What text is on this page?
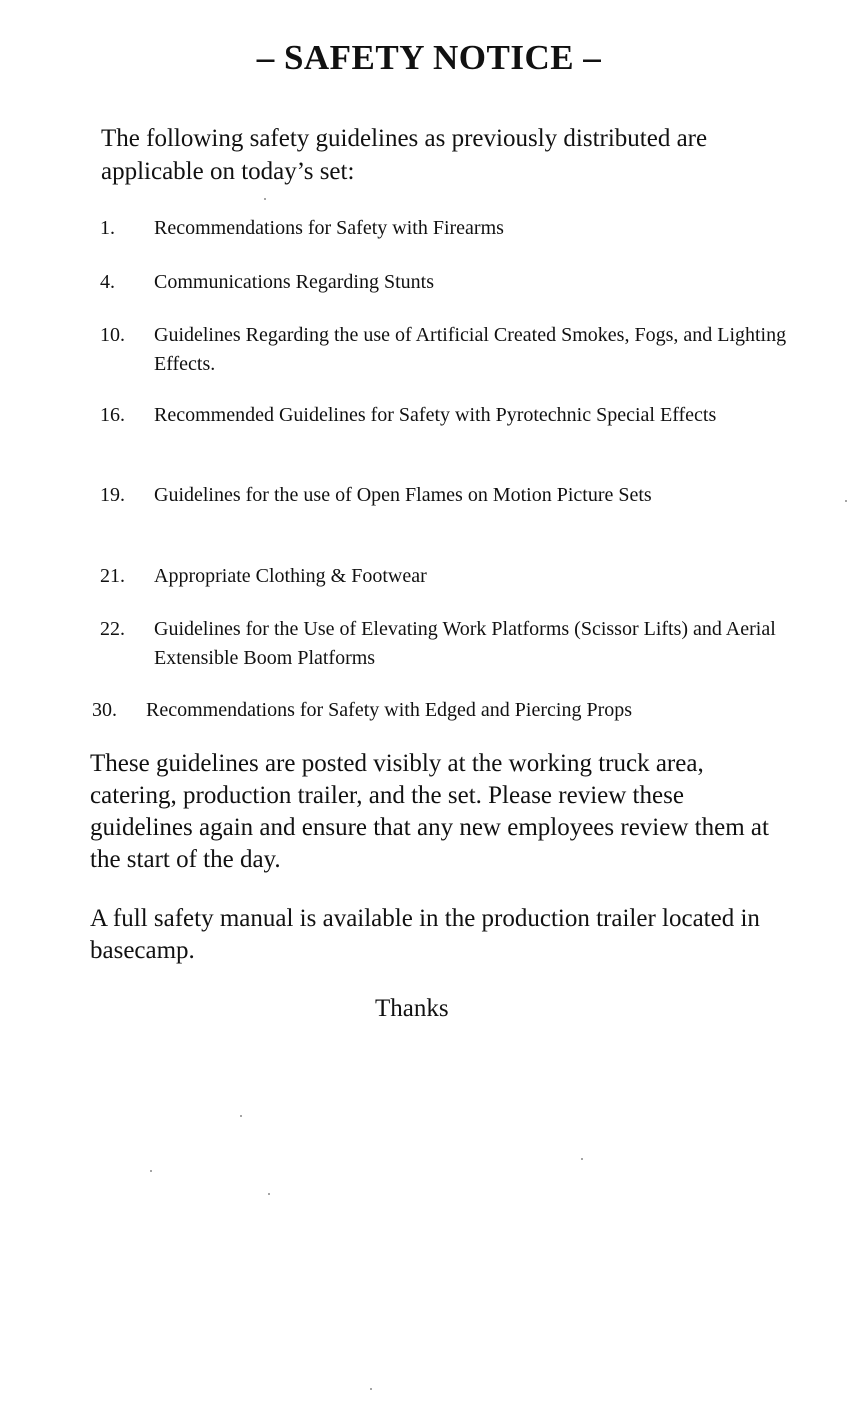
– SAFETY NOTICE –
The following safety guidelines as previously distributed are applicable on today’s set:
1.	Recommendations for Safety with Firearms
4.	Communications Regarding Stunts
10.	Guidelines Regarding the use of Artificial Created Smokes, Fogs, and Lighting Effects.
16.	Recommended Guidelines for Safety with Pyrotechnic Special Effects
19.	Guidelines for the use of Open Flames on Motion Picture Sets
21.	Appropriate Clothing & Footwear
22.	Guidelines for the Use of Elevating Work Platforms (Scissor Lifts) and Aerial Extensible Boom Platforms
30.	Recommendations for Safety with Edged and Piercing Props
These guidelines are posted visibly at the working truck area, catering, production trailer, and the set. Please review these guidelines again and ensure that any new employees review them at the start of the day.
A full safety manual is available in the production trailer located in basecamp.
Thanks
